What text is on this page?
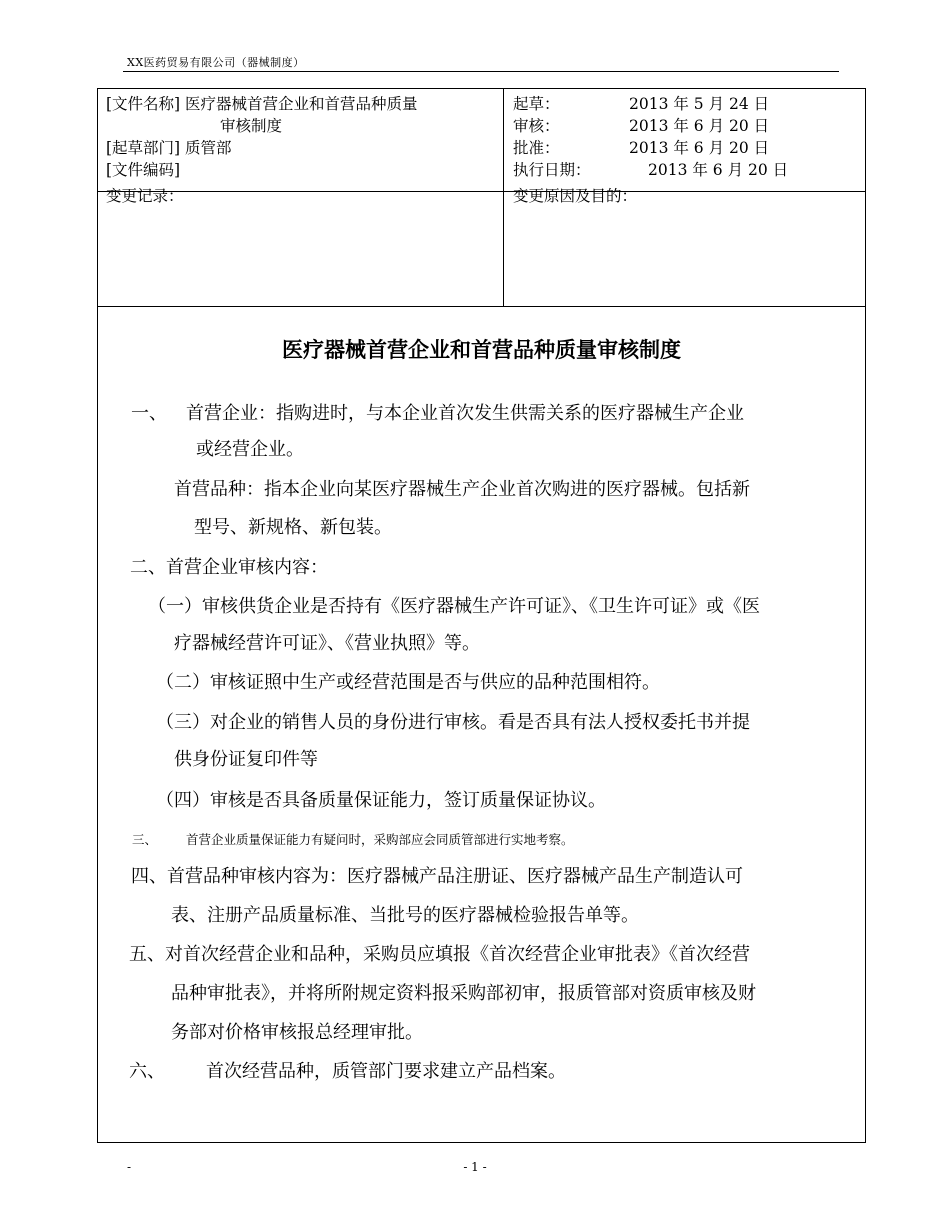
XX医药贸易有限公司（器械制度）
[文件名称] 医疗器械首营企业和首营品种质量
审核制度
[起草部门] 质管部
[文件编码]
起草：	2013 年 5 月 24 日
审核：	2013 年 6 月 20 日
批准：	2013 年 6 月 20 日
执行日期：	2013 年 6 月 20 日
变更记录：	变更原因及目的：
医疗器械首营企业和首营品种质量审核制度
一、 首营企业：指购进时，与本企业首次发生供需关系的医疗器械生产企业
或经营企业。
首营品种：指本企业向某医疗器械生产企业首次购进的医疗器械。包括新
型号、新规格、新包装。
二、首营企业审核内容：
（一）审核供货企业是否持有《医疗器械生产许可证》、《卫生许可证》或《医
疗器械经营许可证》、《营业执照》等。
（二）审核证照中生产或经营范围是否与供应的品种范围相符。
（三）对企业的销售人员的身份进行审核。看是否具有法人授权委托书并提
供身份证复印件等
（四）审核是否具备质量保证能力，签订质量保证协议。
三、 首营企业质量保证能力有疑问时，采购部应会同质管部进行实地考察。
四、首营品种审核内容为：医疗器械产品注册证、医疗器械产品生产制造认可
表、注册产品质量标准、当批号的医疗器械检验报告单等。
五、对首次经营企业和品种，采购员应填报《首次经营企业审批表》《首次经营
品种审批表》，并将所附规定资料报采购部初审，报质管部对资质审核及财
务部对价格审核报总经理审批。
六、 首次经营品种，质管部门要求建立产品档案。
-	- 1 -
